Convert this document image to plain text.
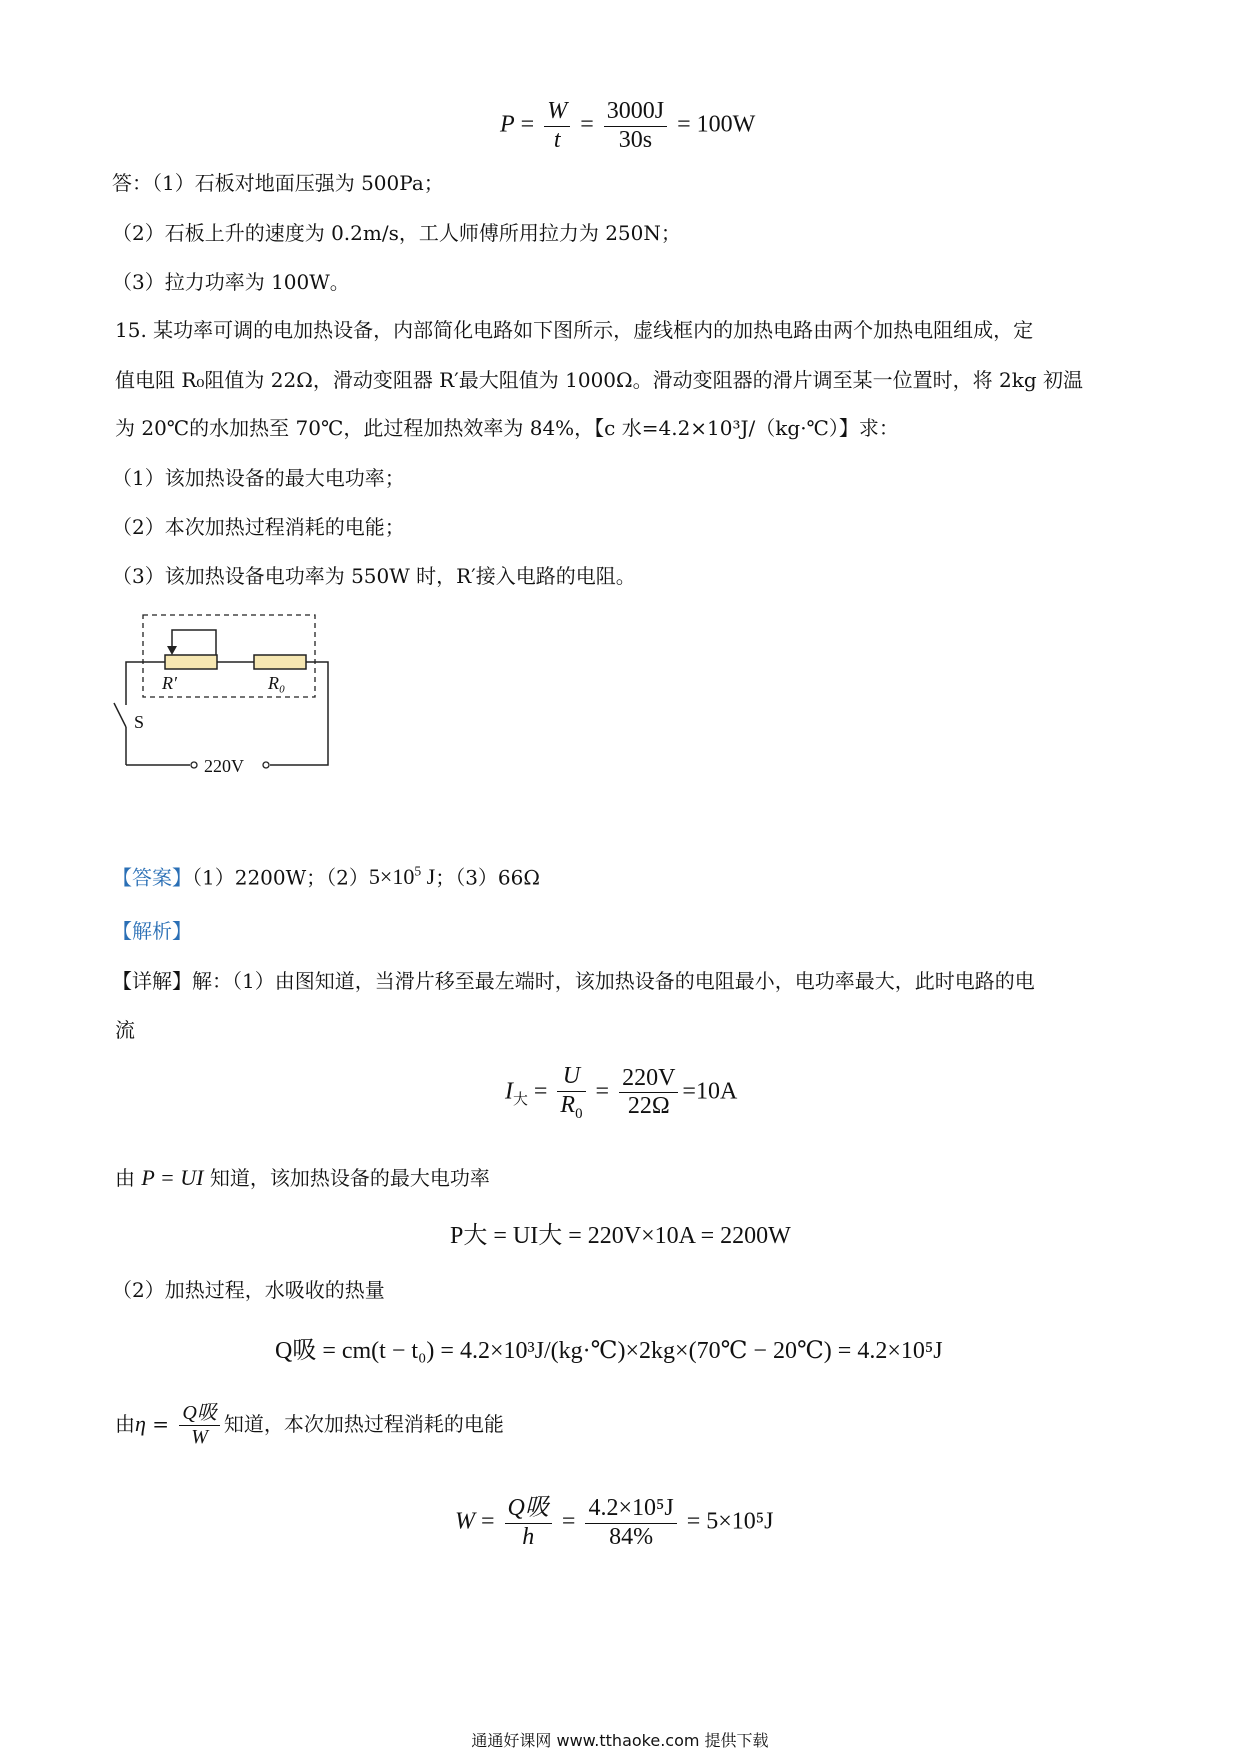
$P = \frac{W}{t} = \frac{3000J}{30s} = 100W$
答：（1）石板对地面压强为 500Pa；
（2）石板上升的速度为 0.2m/s，工人师傅所用拉力为 250N；
（3）拉力功率为 100W。
15. 某功率可调的电加热设备，内部简化电路如下图所示，虚线框内的加热电路由两个加热电阻组成，定
值电阻 R₀阻值为 22Ω，滑动变阻器 R′最大阻值为 1000Ω。滑动变阻器的滑片调至某一位置时，将 2kg 初温
为 20℃的水加热至 70℃，此过程加热效率为 84%，【c 水=4.2×10³J/（kg·℃）】求：
（1）该加热设备的最大电功率；
（2）本次加热过程消耗的电能；
（3）该加热设备电功率为 550W 时，R′接入电路的电阻。
R′	R₀
S
220V
【答案】（1）2200W；$(2)5\times 10^5$ J；（3）66Ω
【解析】
【详解】解：（1）由图知道，当滑片移至最左端时，该加热设备的电阻最小，电功率最大，此时电路的电
流
$I_大 = \frac{U}{R_0} = \frac{220V}{22\Omega} =10A$
由 P = UI 知道，该加热设备的最大电功率
P大 = UI大 = 220V×10A = 2200W
（2）加热过程，水吸收的热量
Q吸 = cm(t − t₀) = 4.2×10³J/(kg·℃)×2kg×(70℃ − 20℃) = 4.2×10⁵J
由$\eta = \frac{\text{Q吸}}{W}$ 知道，本次加热过程消耗的电能
$W = \frac{\text{Q吸}}{h} = \frac{\text{4.2×10⁵J}}{84\%} = 5\times 10^5J$
通通好课网 www.tthaoke.com 提供下载
